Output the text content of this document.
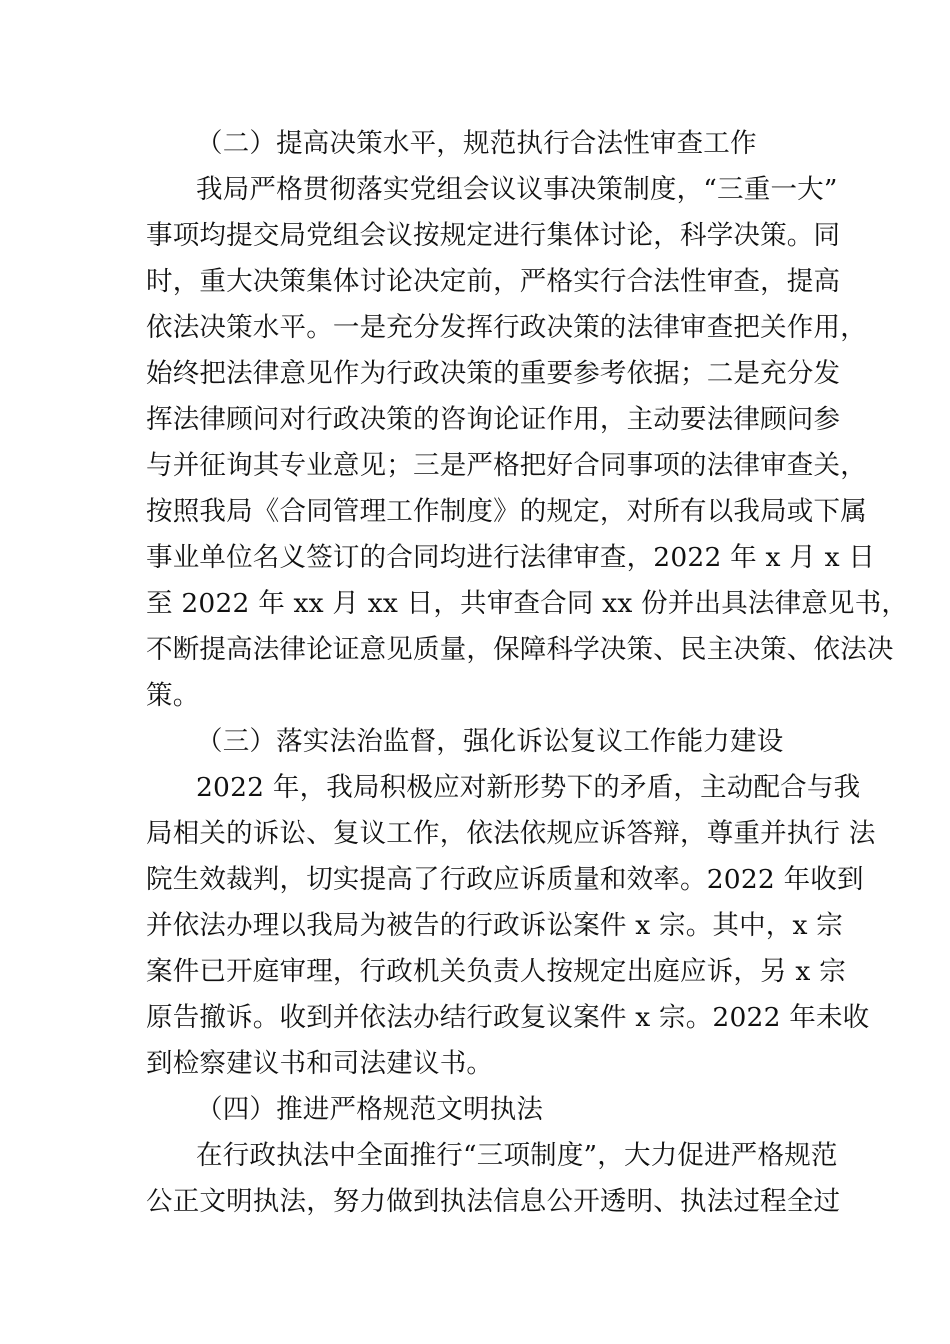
（二）提高决策水平，规范执行合法性审查工作
我局严格贯彻落实党组会议议事决策制度，“三重一大”
事项均提交局党组会议按规定进行集体讨论，科学决策。同
时，重大决策集体讨论决定前，严格实行合法性审查，提高
依法决策水平。一是充分发挥行政决策的法律审查把关作用，
始终把法律意见作为行政决策的重要参考依据；二是充分发
挥法律顾问对行政决策的咨询论证作用，主动要法律顾问参
与并征询其专业意见；三是严格把好合同事项的法律审查关，
按照我局《合同管理工作制度》的规定，对所有以我局或下属
事业单位名义签订的合同均进行法律审查，2022 年 x 月 x 日
至 2022 年 xx 月 xx 日，共审查合同 xx 份并出具法律意见书，
不断提高法律论证意见质量，保障科学决策、民主决策、依法决
策。
（三）落实法治监督，强化诉讼复议工作能力建设
2022 年，我局积极应对新形势下的矛盾，主动配合与我
局相关的诉讼、复议工作，依法依规应诉答辩，尊重并执行 法
院生效裁判，切实提高了行政应诉质量和效率。2022 年收到
并依法办理以我局为被告的行政诉讼案件 x 宗。其中，x 宗
案件已开庭审理，行政机关负责人按规定出庭应诉，另 x 宗
原告撤诉。收到并依法办结行政复议案件 x 宗。2022 年未收
到检察建议书和司法建议书。
（四）推进严格规范文明执法
在行政执法中全面推行“三项制度”，大力促进严格规范
公正文明执法，努力做到执法信息公开透明、执法过程全过
